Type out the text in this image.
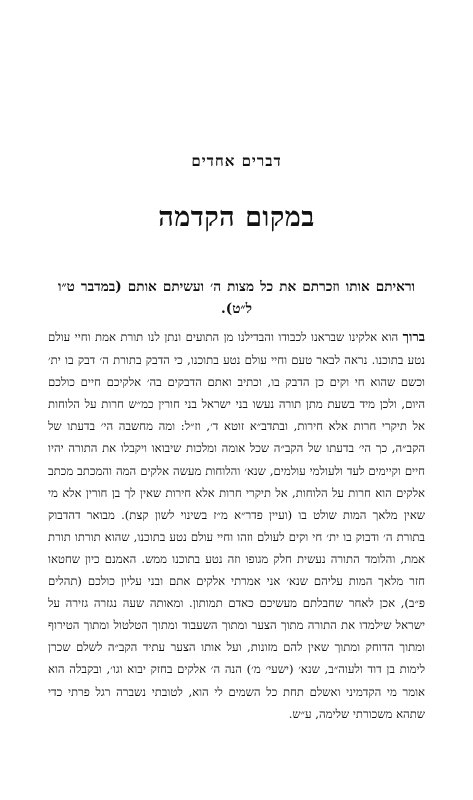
דברים אחדים
במקום הקדמה

וראיתם אותו וזכרתם את כל מצות ה׳ ועשיתם אותם (במדבר ט״ו ל״ט).

ברוך הוא אלקינו שבראנו לכבודו והבדילנו מן התועים ונתן לנו תורת אמת וחיי עולם נטע בתוכנו. נראה לבאר טעם וחיי עולם נטע בתוכנו, כי הדבק בתורת ה׳ דבק בו ית׳ וכשם שהוא חי וקים כן הדבק בו, וכתיב ואתם הדבקים בה׳ אלקיכם חיים כולכם היום, ולכן מיד בשעת מתן תורה נעשו בני ישראל בני חורין כמ״ש חרות על הלוחות אל תיקרי חרות אלא חירות, ובתדב״א זוטא ד׳, וז״ל: ומה מחשבה הי׳ בדעתו של הקב״ה, כך הי׳ בדעתו של הקב״ה שכל אומה ומלכות שיבואו ויקבלו את התורה יהיו חיים וקיימים לעד ולעולמי עולמים, שנא׳ והלוחות מעשה אלקים המה והמכתב מכתב אלקים הוא חרות על הלוחות, אל תיקרי חרות אלא חירות שאין לך בן חורין אלא מי שאין מלאך המות שולט בו (ועיין פדר״א מ״ז בשינוי לשון קצת). מבואר דהדבוק בתורת ה׳ ודבוק בו ית׳ חי וקים לעולם וזהו וחיי עולם נטע בתוכנו, שהוא תורתו תורת אמת, והלומד התורה נעשית חלק מגופו וזה נטע בתוכנו ממש. האמנם כיון שחטאו חזר מלאך המות עליהם שנא׳ אני אמרתי אלקים אתם ובני עליון כולכם (תהלים פ״ב), אכן לאחר שחבלתם מעשיכם כאדם תמותון. ומאותה שעה נגזרה גזירה על ישראל שילמדו את התורה מתוך הצער ומתוך השעבוד ומתוך הטלטול ומתוך הטירוף ומתוך הדוחק ומתוך שאין להם מזונות, ועל אותו הצער עתיד הקב״ה לשלם שכרן לימות בן דוד ולעוה״ב, שנא׳ (ישעי׳ מ׳) הנה ה׳ אלקים בחזק יבוא וגו׳, ובקבלה הוא אומר מי הקדמיני ואשלם תחת כל השמים לי הוא, לטובתי נשברה רגל פרתי כדי שתהא משכורתי שלימה, ע״ש.
